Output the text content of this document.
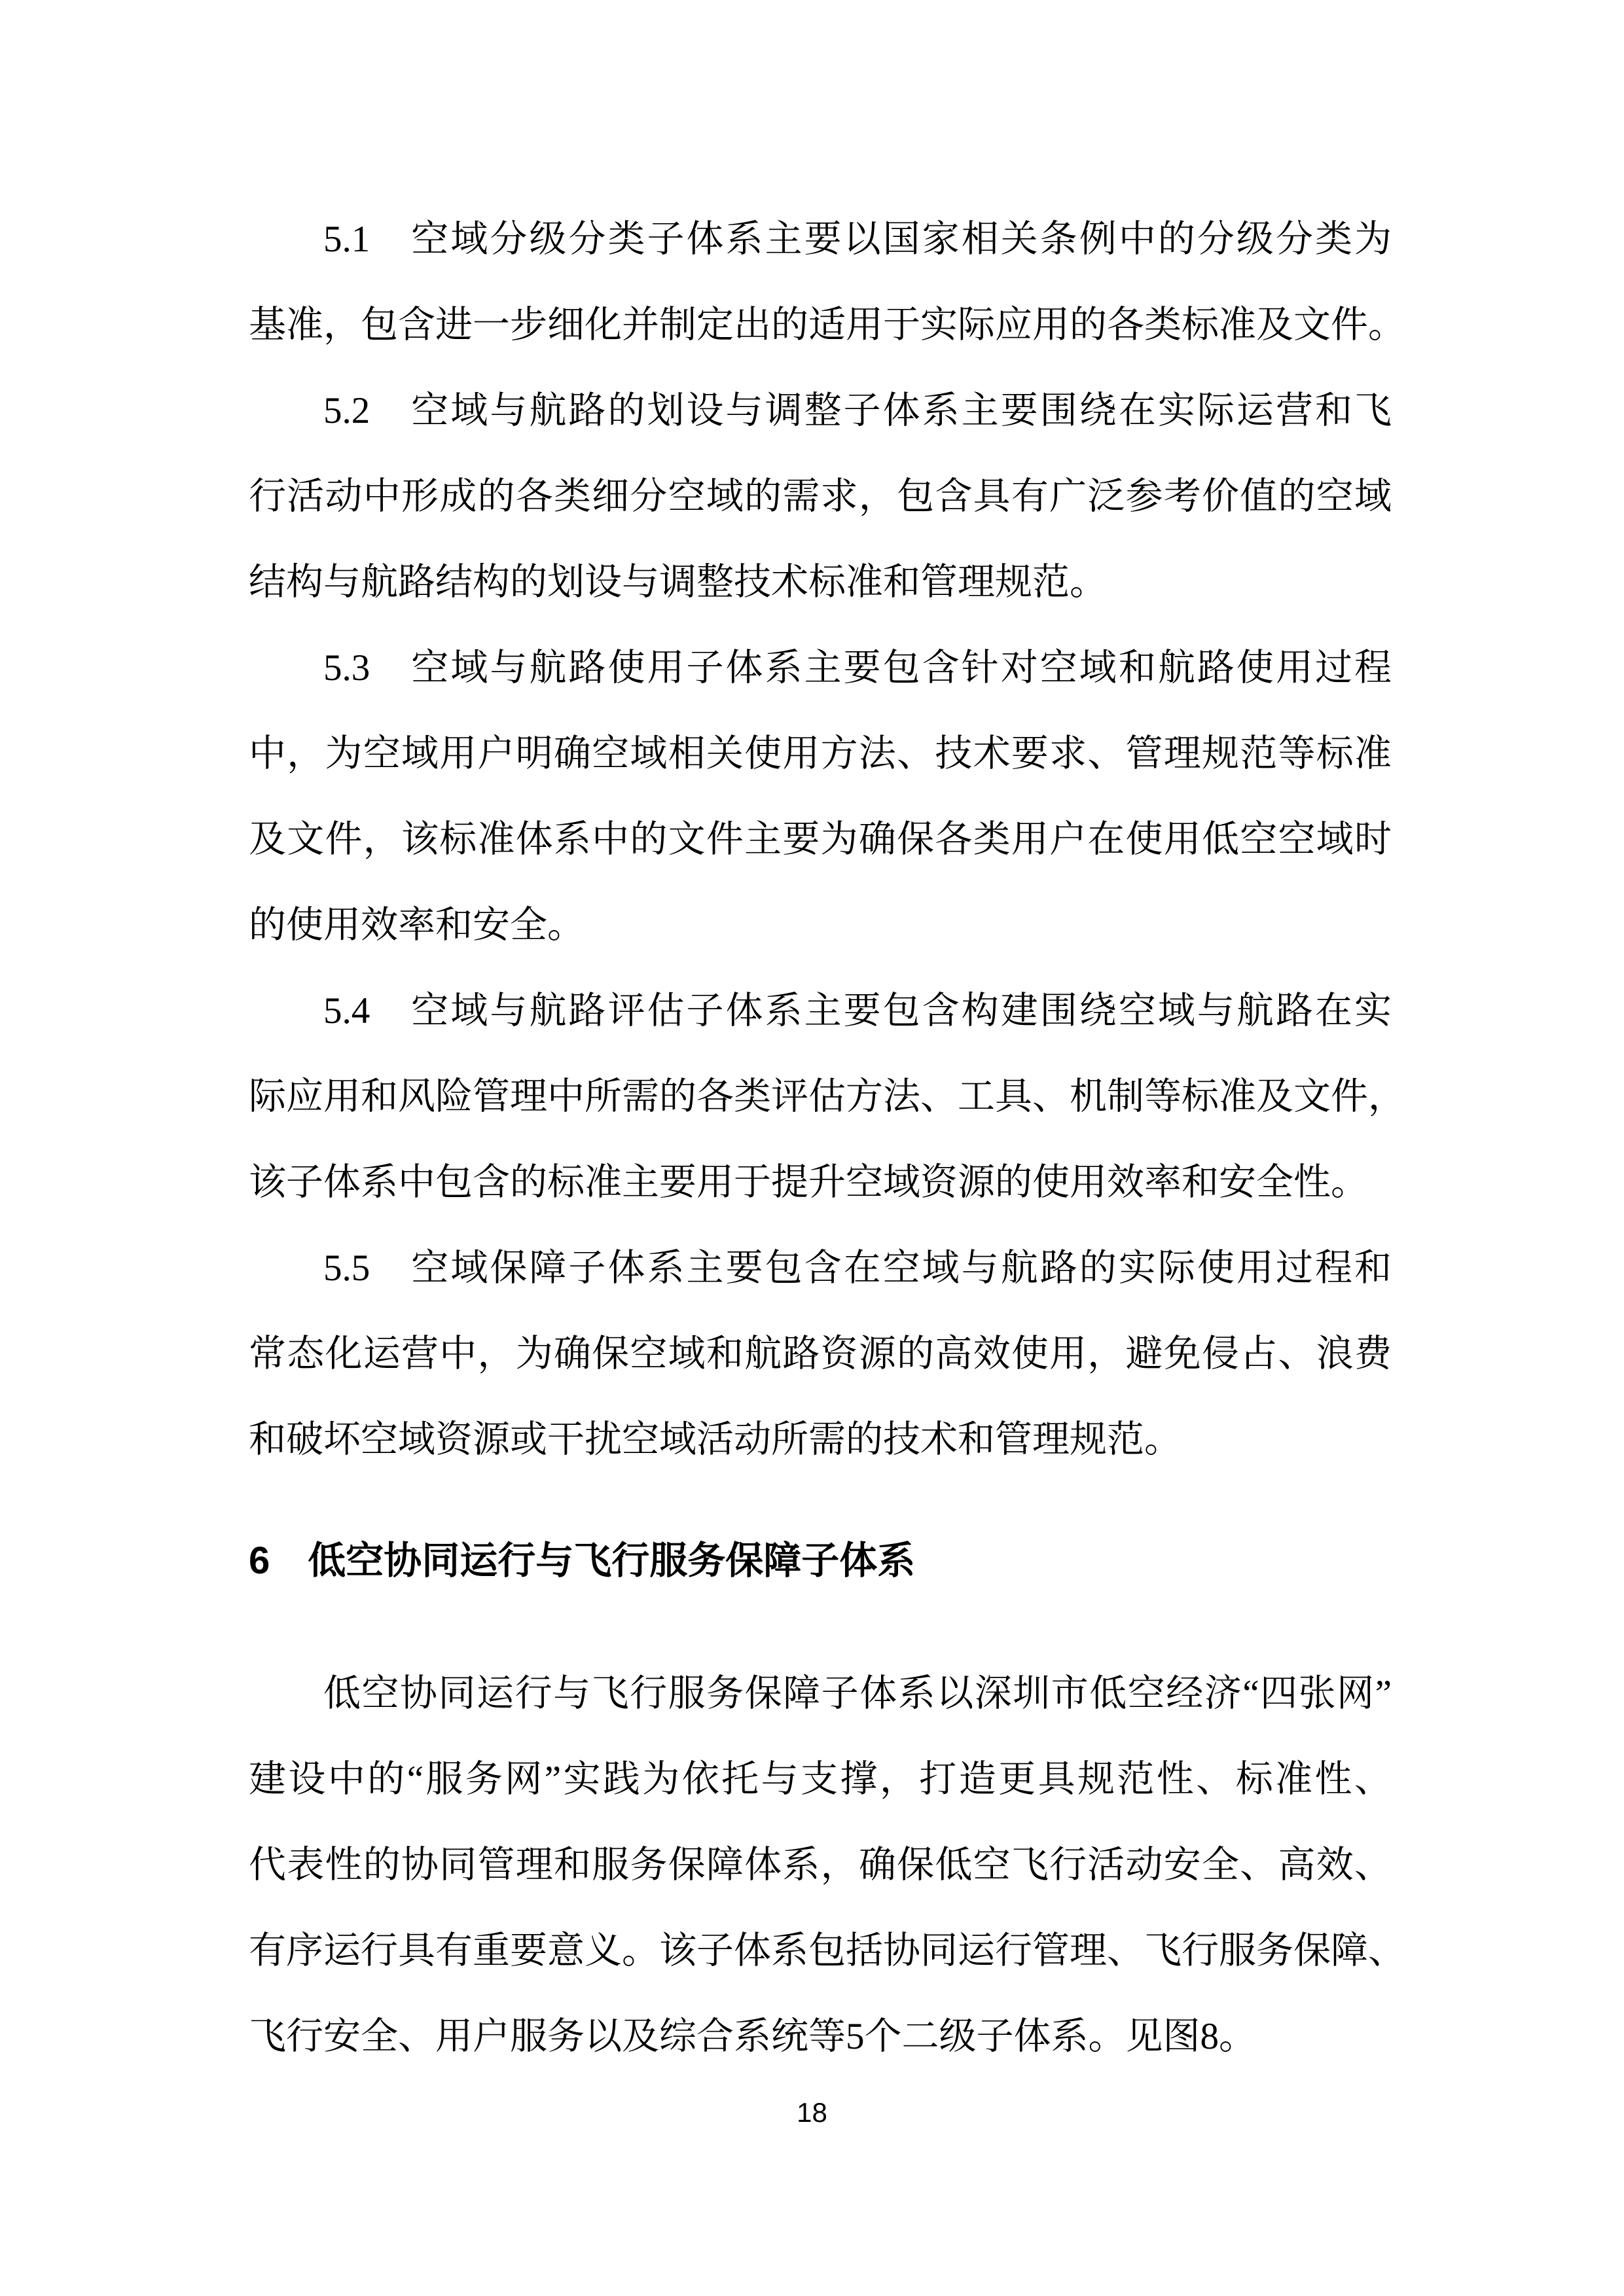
5.1　空域分级分类子体系主要以国家相关条例中的分级分类为
基准，包含进一步细化并制定出的适用于实际应用的各类标准及文件。
5.2　空域与航路的划设与调整子体系主要围绕在实际运营和飞
行活动中形成的各类细分空域的需求，包含具有广泛参考价值的空域
结构与航路结构的划设与调整技术标准和管理规范。
5.3　空域与航路使用子体系主要包含针对空域和航路使用过程
中，为空域用户明确空域相关使用方法、技术要求、管理规范等标准
及文件，该标准体系中的文件主要为确保各类用户在使用低空空域时
的使用效率和安全。
5.4　空域与航路评估子体系主要包含构建围绕空域与航路在实
际应用和风险管理中所需的各类评估方法、工具、机制等标准及文件，
该子体系中包含的标准主要用于提升空域资源的使用效率和安全性。
5.5　空域保障子体系主要包含在空域与航路的实际使用过程和
常态化运营中，为确保空域和航路资源的高效使用，避免侵占、浪费
和破坏空域资源或干扰空域活动所需的技术和管理规范。
6 低空协同运行与飞行服务保障子体系
低空协同运行与飞行服务保障子体系以深圳市低空经济“四张网”
建设中的“服务网”实践为依托与支撑，打造更具规范性、标准性、
代表性的协同管理和服务保障体系，确保低空飞行活动安全、高效、
有序运行具有重要意义。该子体系包括协同运行管理、飞行服务保障、
飞行安全、用户服务以及综合系统等5个二级子体系。见图8。
18
